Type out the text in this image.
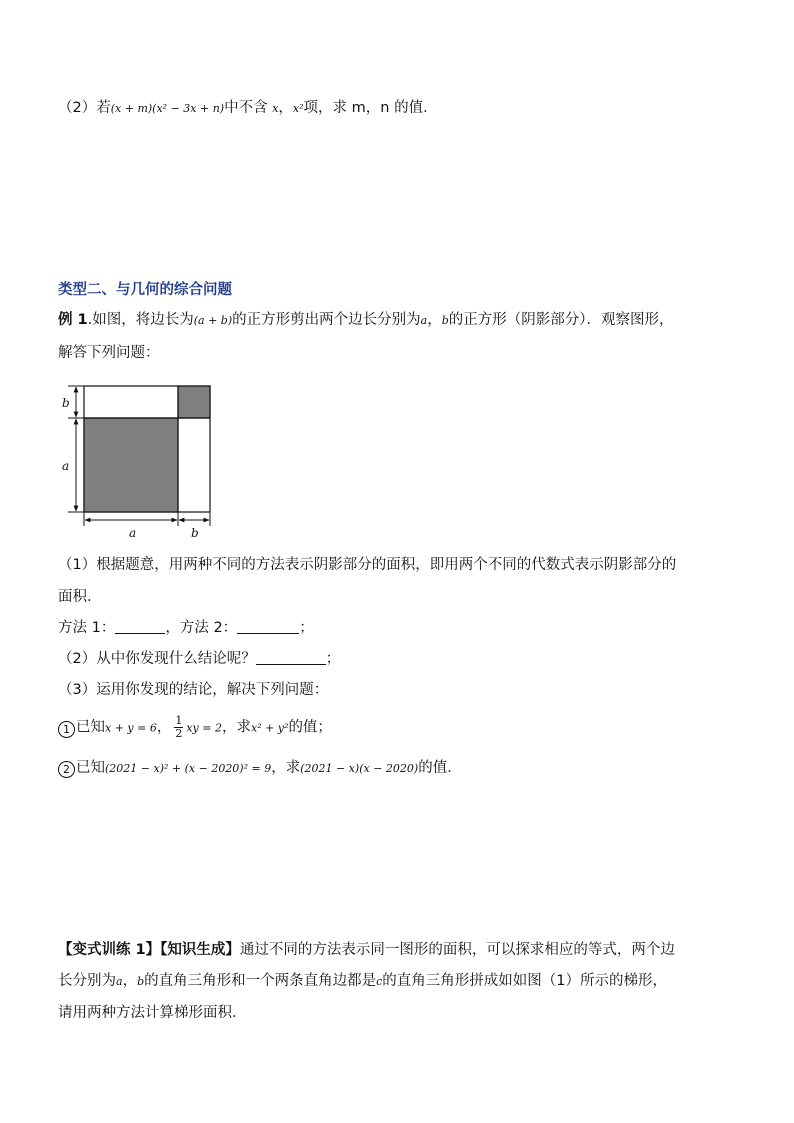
（2）若(x + m)(x² − 3x + n)中不含 x，x²项，求 m，n 的值．
类型二、与几何的综合问题
例 1.如图，将边长为(a + b)的正方形剪出两个边长分别为a，b的正方形（阴影部分）．观察图形，
解答下列问题：
b
a
a	b
（1）根据题意，用两种不同的方法表示阴影部分的面积，即用两个不同的代数式表示阴影部分的
面积．
方法 1：	，方法 2：	；
（2）从中你发现什么结论呢？	；
（3）运用你发现的结论，解决下列问题：
1 已知x + y = 6， $\frac{1}{2}$ xy = 2，求x² + y²的值；
2 已知(2021 − x)² + (x − 2020)² = 9，求(2021 − x)(x − 2020)的值．
【变式训练 1】【知识生成】通过不同的方法表示同一图形的面积，可以探求相应的等式，两个边
长分别为a，b的直角三角形和一个两条直角边都是c的直角三角形拼成如如图（1）所示的梯形，
请用两种方法计算梯形面积．
